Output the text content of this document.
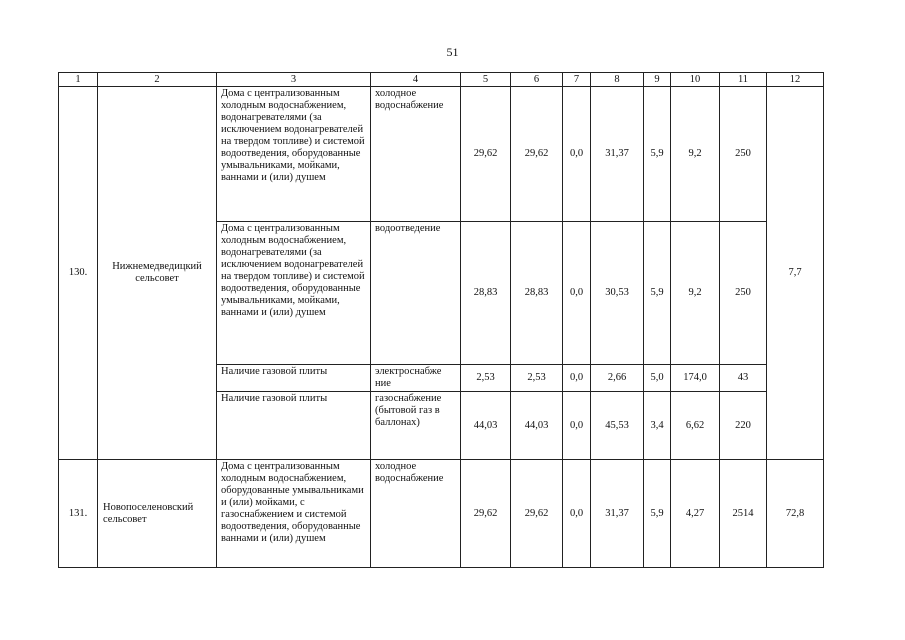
51
1	2	3	4	5	6	7	8	9	10	11	12
130.	Нижнемедведицкий сельсовет	Дома с централизованным холодным водоснабжением, водонагревателями (за исключением водонагревателей на твердом топливе) и системой водоотведения, оборудованные умывальниками, мойками, ваннами и (или) душем	холодное водоснабжение	29,62	29,62	0,0	31,37	5,9	9,2	250	7,7
		Дома с централизованным холодным водоснабжением, водонагревателями (за исключением водонагревателей на твердом топливе) и системой водоотведения, оборудованные умывальниками, мойками, ваннами и (или) душем	водоотведение	28,83	28,83	0,0	30,53	5,9	9,2	250	
		Наличие газовой плиты	электроснабже ние	2,53	2,53	0,0	2,66	5,0	174,0	43	
		Наличие газовой плиты	газоснабжение (бытовой газ в баллонах)	44,03	44,03	0,0	45,53	3,4	6,62	220	
131.	Новопоселеновский сельсовет	Дома с централизованным холодным водоснабжением, оборудованные умывальниками и (или) мойками, с газоснабжением и системой водоотведения, оборудованные ваннами и (или) душем	холодное водоснабжение	29,62	29,62	0,0	31,37	5,9	4,27	2514	72,8
